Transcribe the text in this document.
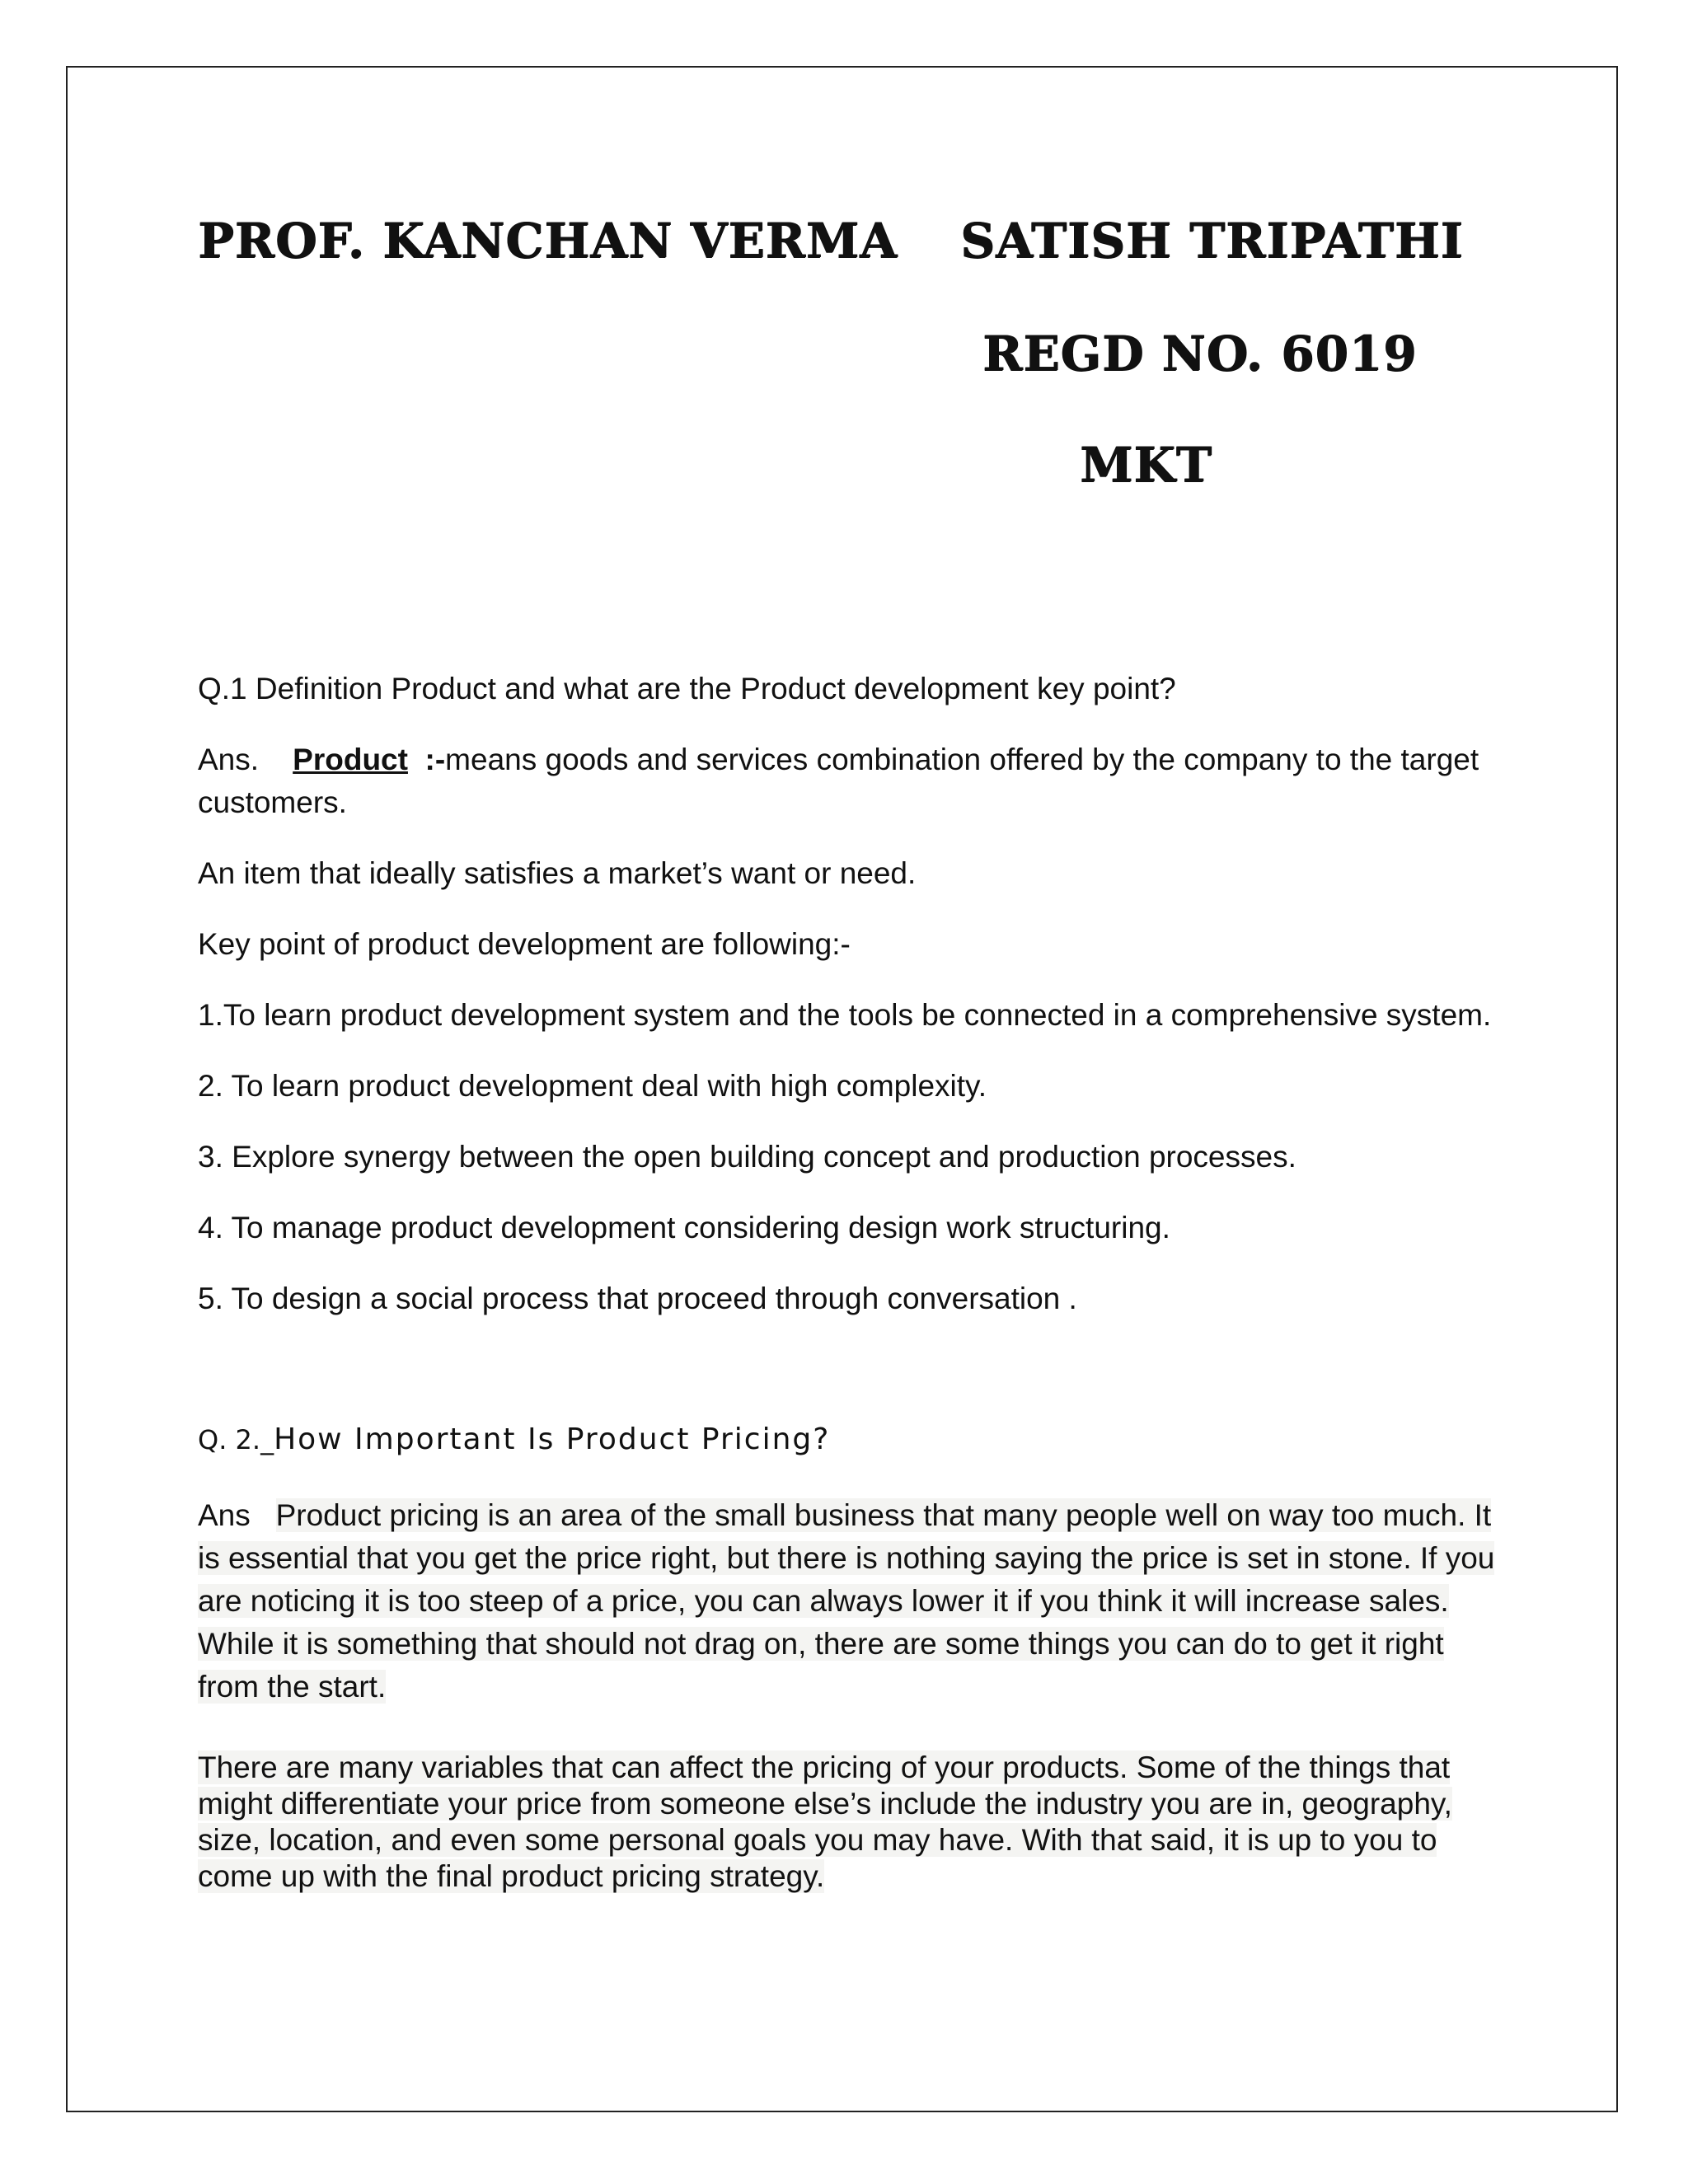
PROF. KANCHAN VERMA SATISH TRIPATHI
REGD NO. 6019
MKT

Q.1 Definition Product and what are the Product development key point?

Ans. Product :-means goods and services combination offered by the company to the target customers.

An item that ideally satisfies a market’s want or need.

Key point of product development are following:-

1.To learn product development system and the tools be connected in a comprehensive system.

2. To learn product development deal with high complexity.

3. Explore synergy between the open building concept and production processes.

4. To manage product development considering design work structuring.

5. To design a social process that proceed through conversation .

Q. 2._How Important Is Product Pricing?

Ans Product pricing is an area of the small business that many people well on way too much. It is essential that you get the price right, but there is nothing saying the price is set in stone. If you are noticing it is too steep of a price, you can always lower it if you think it will increase sales. While it is something that should not drag on, there are some things you can do to get it right from the start.

There are many variables that can affect the pricing of your products. Some of the things that might differentiate your price from someone else’s include the industry you are in, geography, size, location, and even some personal goals you may have. With that said, it is up to you to come up with the final product pricing strategy.
